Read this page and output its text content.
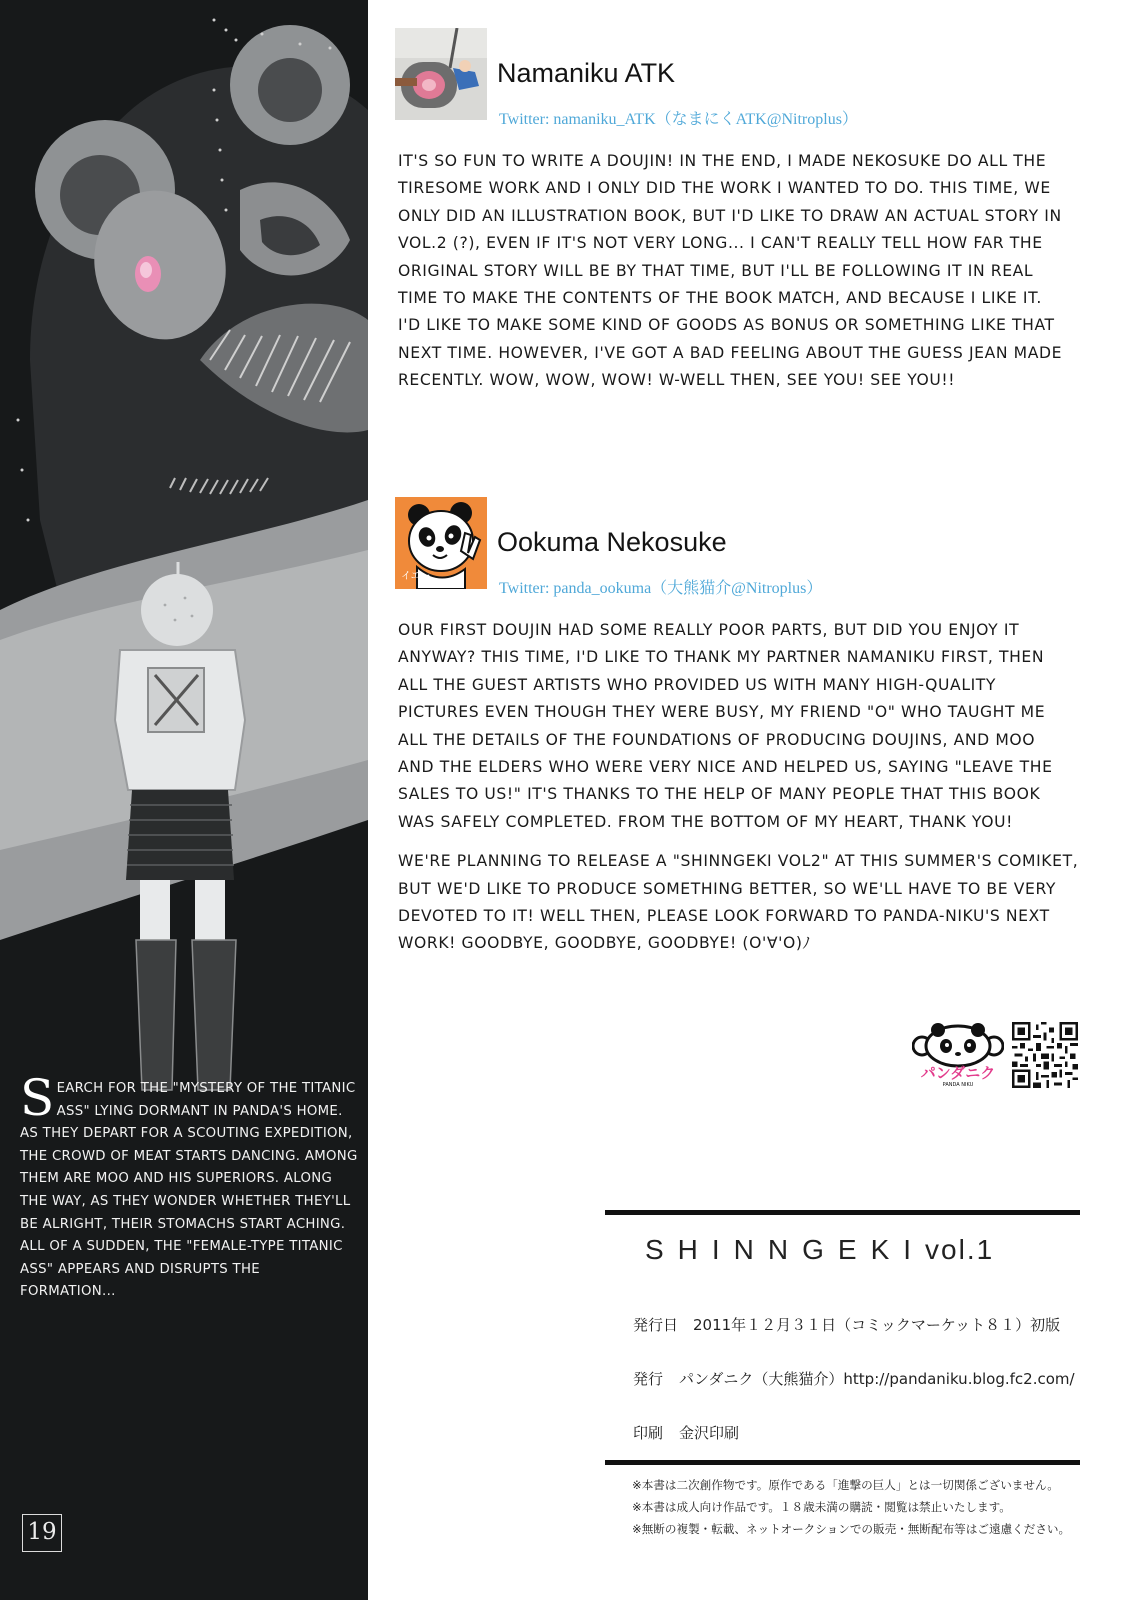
SEARCH FOR THE "MYSTERY OF THE TITANIC ASS" LYING DORMANT IN PANDA'S HOME. AS THEY DEPART FOR A SCOUTING EXPEDITION, THE CROWD OF MEAT STARTS DANCING. AMONG THEM ARE MOO AND HIS SUPERIORS. ALONG THE WAY, AS THEY WONDER WHETHER THEY'LL BE ALRIGHT, THEIR STOMACHS START ACHING. ALL OF A SUDDEN, THE "FEMALE-TYPE TITANIC ASS" APPEARS AND DISRUPTS THE FORMATION...
19
Namaniku ATK
Twitter: namaniku_ATK（なまにくATK@Nitroplus）

IT'S SO FUN TO WRITE A DOUJIN! IN THE END, I MADE NEKOSUKE DO ALL THE
TIRESOME WORK AND I ONLY DID THE WORK I WANTED TO DO. THIS TIME, WE
ONLY DID AN ILLUSTRATION BOOK, BUT I'D LIKE TO DRAW AN ACTUAL STORY IN
VOL.2 (?), EVEN IF IT'S NOT VERY LONG... I CAN'T REALLY TELL HOW FAR THE
ORIGINAL STORY WILL BE BY THAT TIME, BUT I'LL BE FOLLOWING IT IN REAL
TIME TO MAKE THE CONTENTS OF THE BOOK MATCH, AND BECAUSE I LIKE IT.
I'D LIKE TO MAKE SOME KIND OF GOODS AS BONUS OR SOMETHING LIKE THAT
NEXT TIME. HOWEVER, I'VE GOT A BAD FEELING ABOUT THE GUESS JEAN MADE
RECENTLY. WOW, WOW, WOW! W-WELL THEN, SEE YOU! SEE YOU!!

イエー
Ookuma Nekosuke
Twitter: panda_ookuma（大熊猫介@Nitroplus）

OUR FIRST DOUJIN HAD SOME REALLY POOR PARTS, BUT DID YOU ENJOY IT
ANYWAY? THIS TIME, I'D LIKE TO THANK MY PARTNER NAMANIKU FIRST, THEN
ALL THE GUEST ARTISTS WHO PROVIDED US WITH MANY HIGH-QUALITY
PICTURES EVEN THOUGH THEY WERE BUSY, MY FRIEND "O" WHO TAUGHT ME
ALL THE DETAILS OF THE FOUNDATIONS OF PRODUCING DOUJINS, AND MOO
AND THE ELDERS WHO WERE VERY NICE AND HELPED US, SAYING "LEAVE THE
SALES TO US!" IT'S THANKS TO THE HELP OF MANY PEOPLE THAT THIS BOOK
WAS SAFELY COMPLETED. FROM THE BOTTOM OF MY HEART, THANK YOU!

WE'RE PLANNING TO RELEASE A "SHINNGEKI VOL2" AT THIS SUMMER'S COMIKET,
BUT WE'D LIKE TO PRODUCE SOMETHING BETTER, SO WE'LL HAVE TO BE VERY
DEVOTED TO IT! WELL THEN, PLEASE LOOK FORWARD TO PANDA-NIKU'S NEXT
WORK! GOODBYE, GOODBYE, GOODBYE! (O'∀'O)ﾉ

パンダニク
PANDA NIKU
SHINNGEKIvol.1
発行日 2011年１２月３１日（コミックマーケット８１）初版
発行 パンダニク（大熊猫介）http://pandaniku.blog.fc2.com/
印刷 金沢印刷
※本書は二次創作物です。原作である「進撃の巨人」とは一切関係ございません。
※本書は成人向け作品です。１８歳未満の購読・閲覧は禁止いたします。
※無断の複製・転載、ネットオークションでの販売・無断配布等はご遠慮ください。
